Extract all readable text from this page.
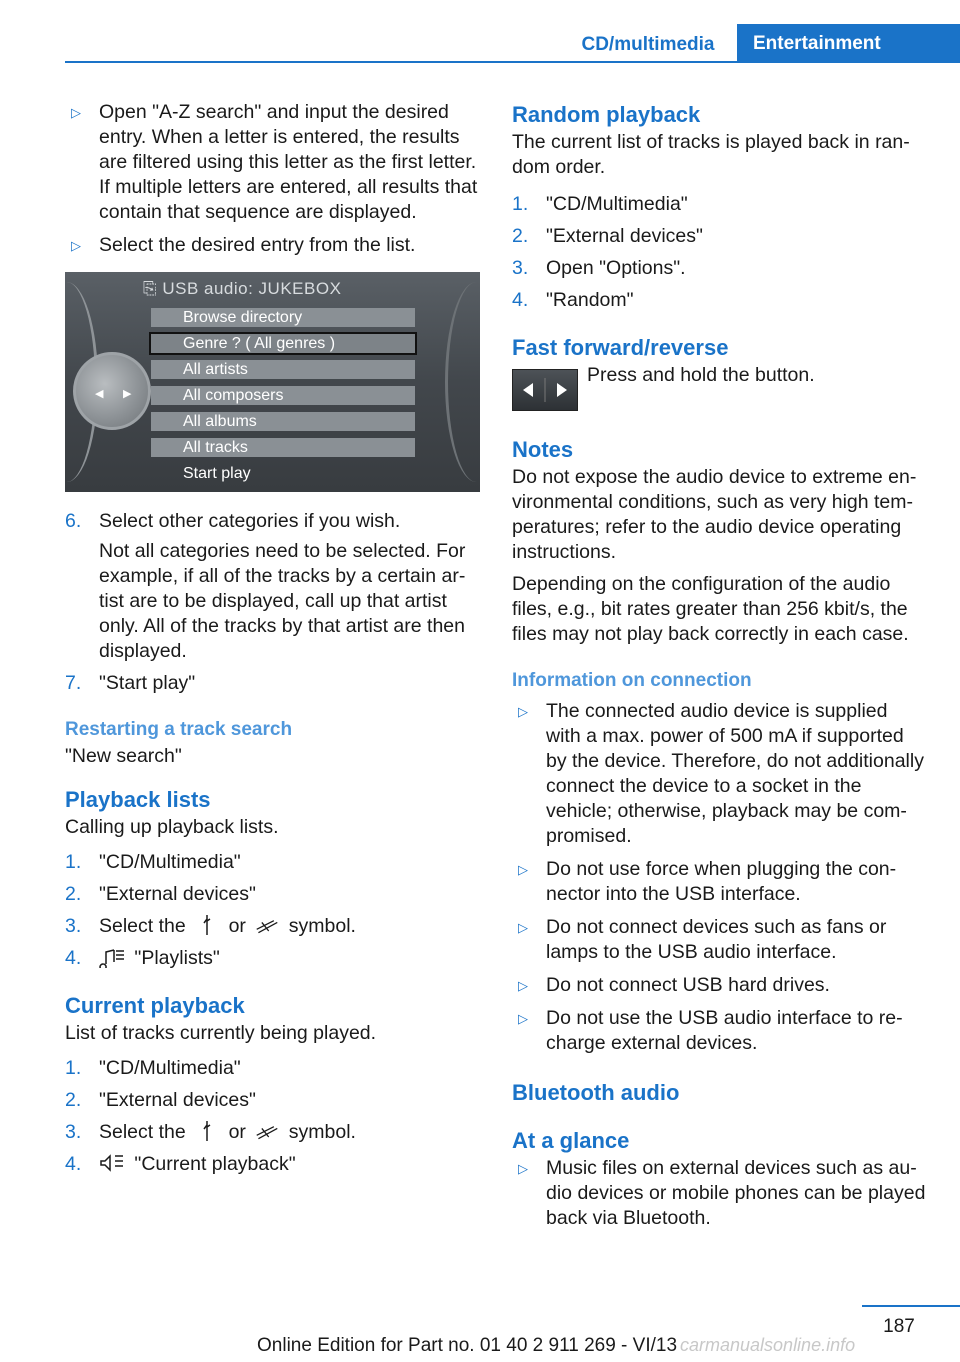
CD/multimedia	Entertainment
▷ Open "A-Z search" and input the desired entry. When a letter is entered, the results are filtered using this letter as the first letter. If multiple letters are entered, all results that contain that sequence are displayed.
▷ Select the desired entry from the list.
⎘ USB audio: JUKEBOX
Browse directory
Genre ? ( All genres )
All artists
All composers
All albums
All tracks
Start play
◀ ▶
6. Select other categories if you wish.
Not all categories need to be selected. For example, if all of the tracks by a certain artist are to be displayed, call up that artist only. All of the tracks by that artist are then displayed.
7. "Start play"
Restarting a track search

"New search"

Playback lists

Calling up playback lists.

1. "CD/Multimedia"
2. "External devices"
3. Select the or symbol.
4.	"Playlists"
Current playback

List of tracks currently being played.

1. "CD/Multimedia"
2. "External devices"
3. Select the or symbol.
4.	"Current playback"
Random playback

The current list of tracks is played back in random order.

1. "CD/Multimedia"
2. "External devices"
3. Open "Options".
4. "Random"
Fast forward/reverse
Press and hold the button.
Notes

Do not expose the audio device to extreme environmental conditions, such as very high temperatures; refer to the audio device operating instructions.

Depending on the configuration of the audio files, e.g., bit rates greater than 256 kbit/s, the files may not play back correctly in each case.

Information on connection
▷ The connected audio device is supplied with a max. power of 500 mA if supported by the device. Therefore, do not additionally connect the device to a socket in the vehicle; otherwise, playback may be compromised.
▷ Do not use force when plugging the connector into the USB interface.
▷ Do not connect devices such as fans or lamps to the USB audio interface.
▷ Do not connect USB hard drives.
▷ Do not use the USB audio interface to recharge external devices.
Bluetooth audio
At a glance
▷ Music files on external devices such as audio devices or mobile phones can be played back via Bluetooth.
187
Online Edition for Part no. 01 40 2 911 269 - VI/13 carmanualsonline.info
